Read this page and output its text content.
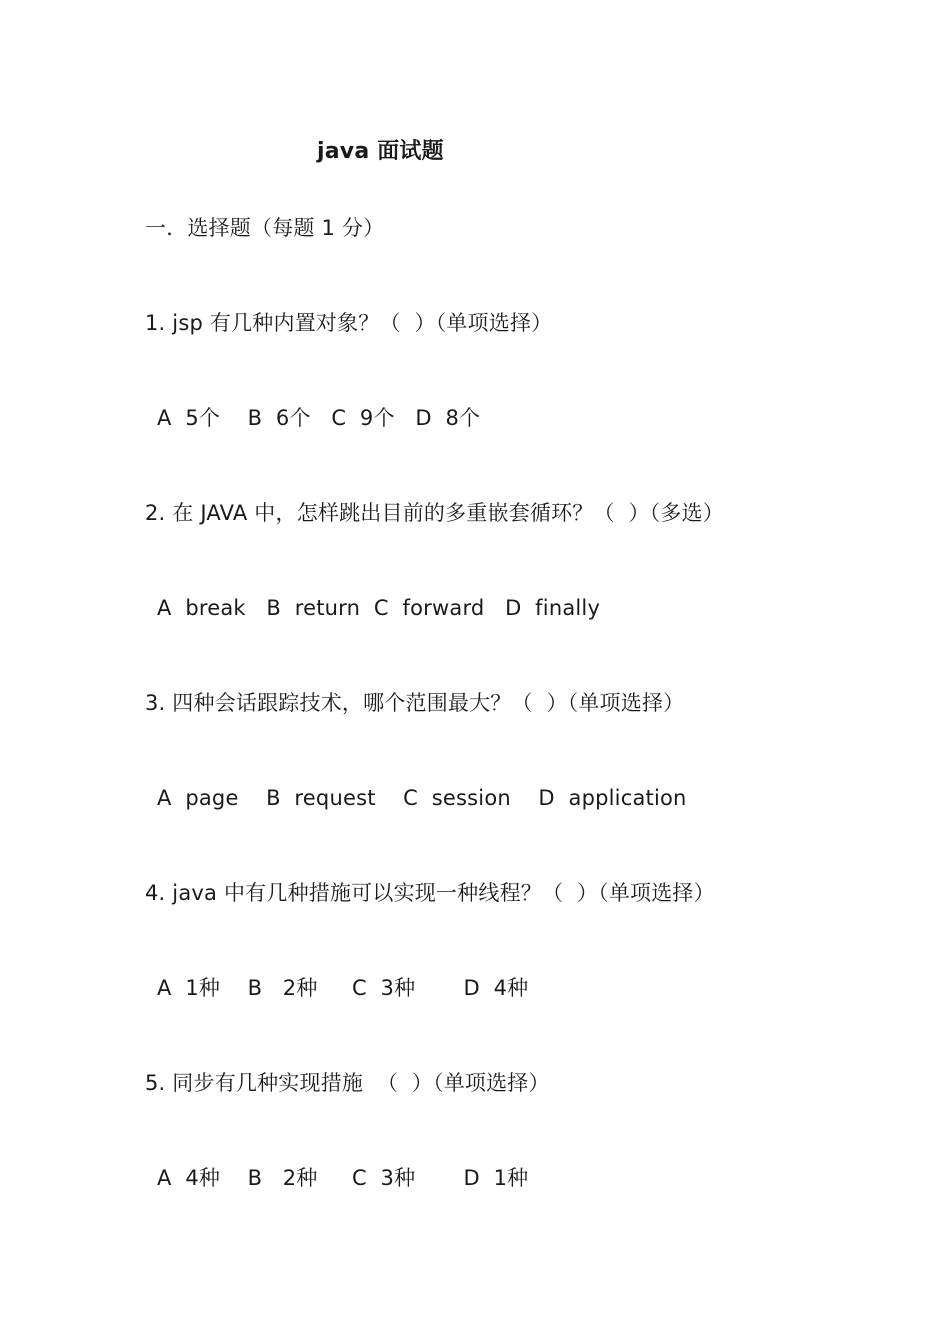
java 面试题
一．选择题（每题 1 分）
1. jsp 有几种内置对象？（  ）（单项选择）
A  5个    B  6个   C  9个   D  8个
2. 在 JAVA 中，怎样跳出目前的多重嵌套循环？（  ）（多选）
A  break   B  return  C  forward   D  finally
3. 四种会话跟踪技术，哪个范围最大？（  ）（单项选择）
A  page    B  request    C  session    D  application
4. java 中有几种措施可以实现一种线程？（  ）（单项选择）
A  1种    B   2种     C  3种       D  4种
5. 同步有几种实现措施  （  ）（单项选择）
A  4种    B   2种     C  3种       D  1种
